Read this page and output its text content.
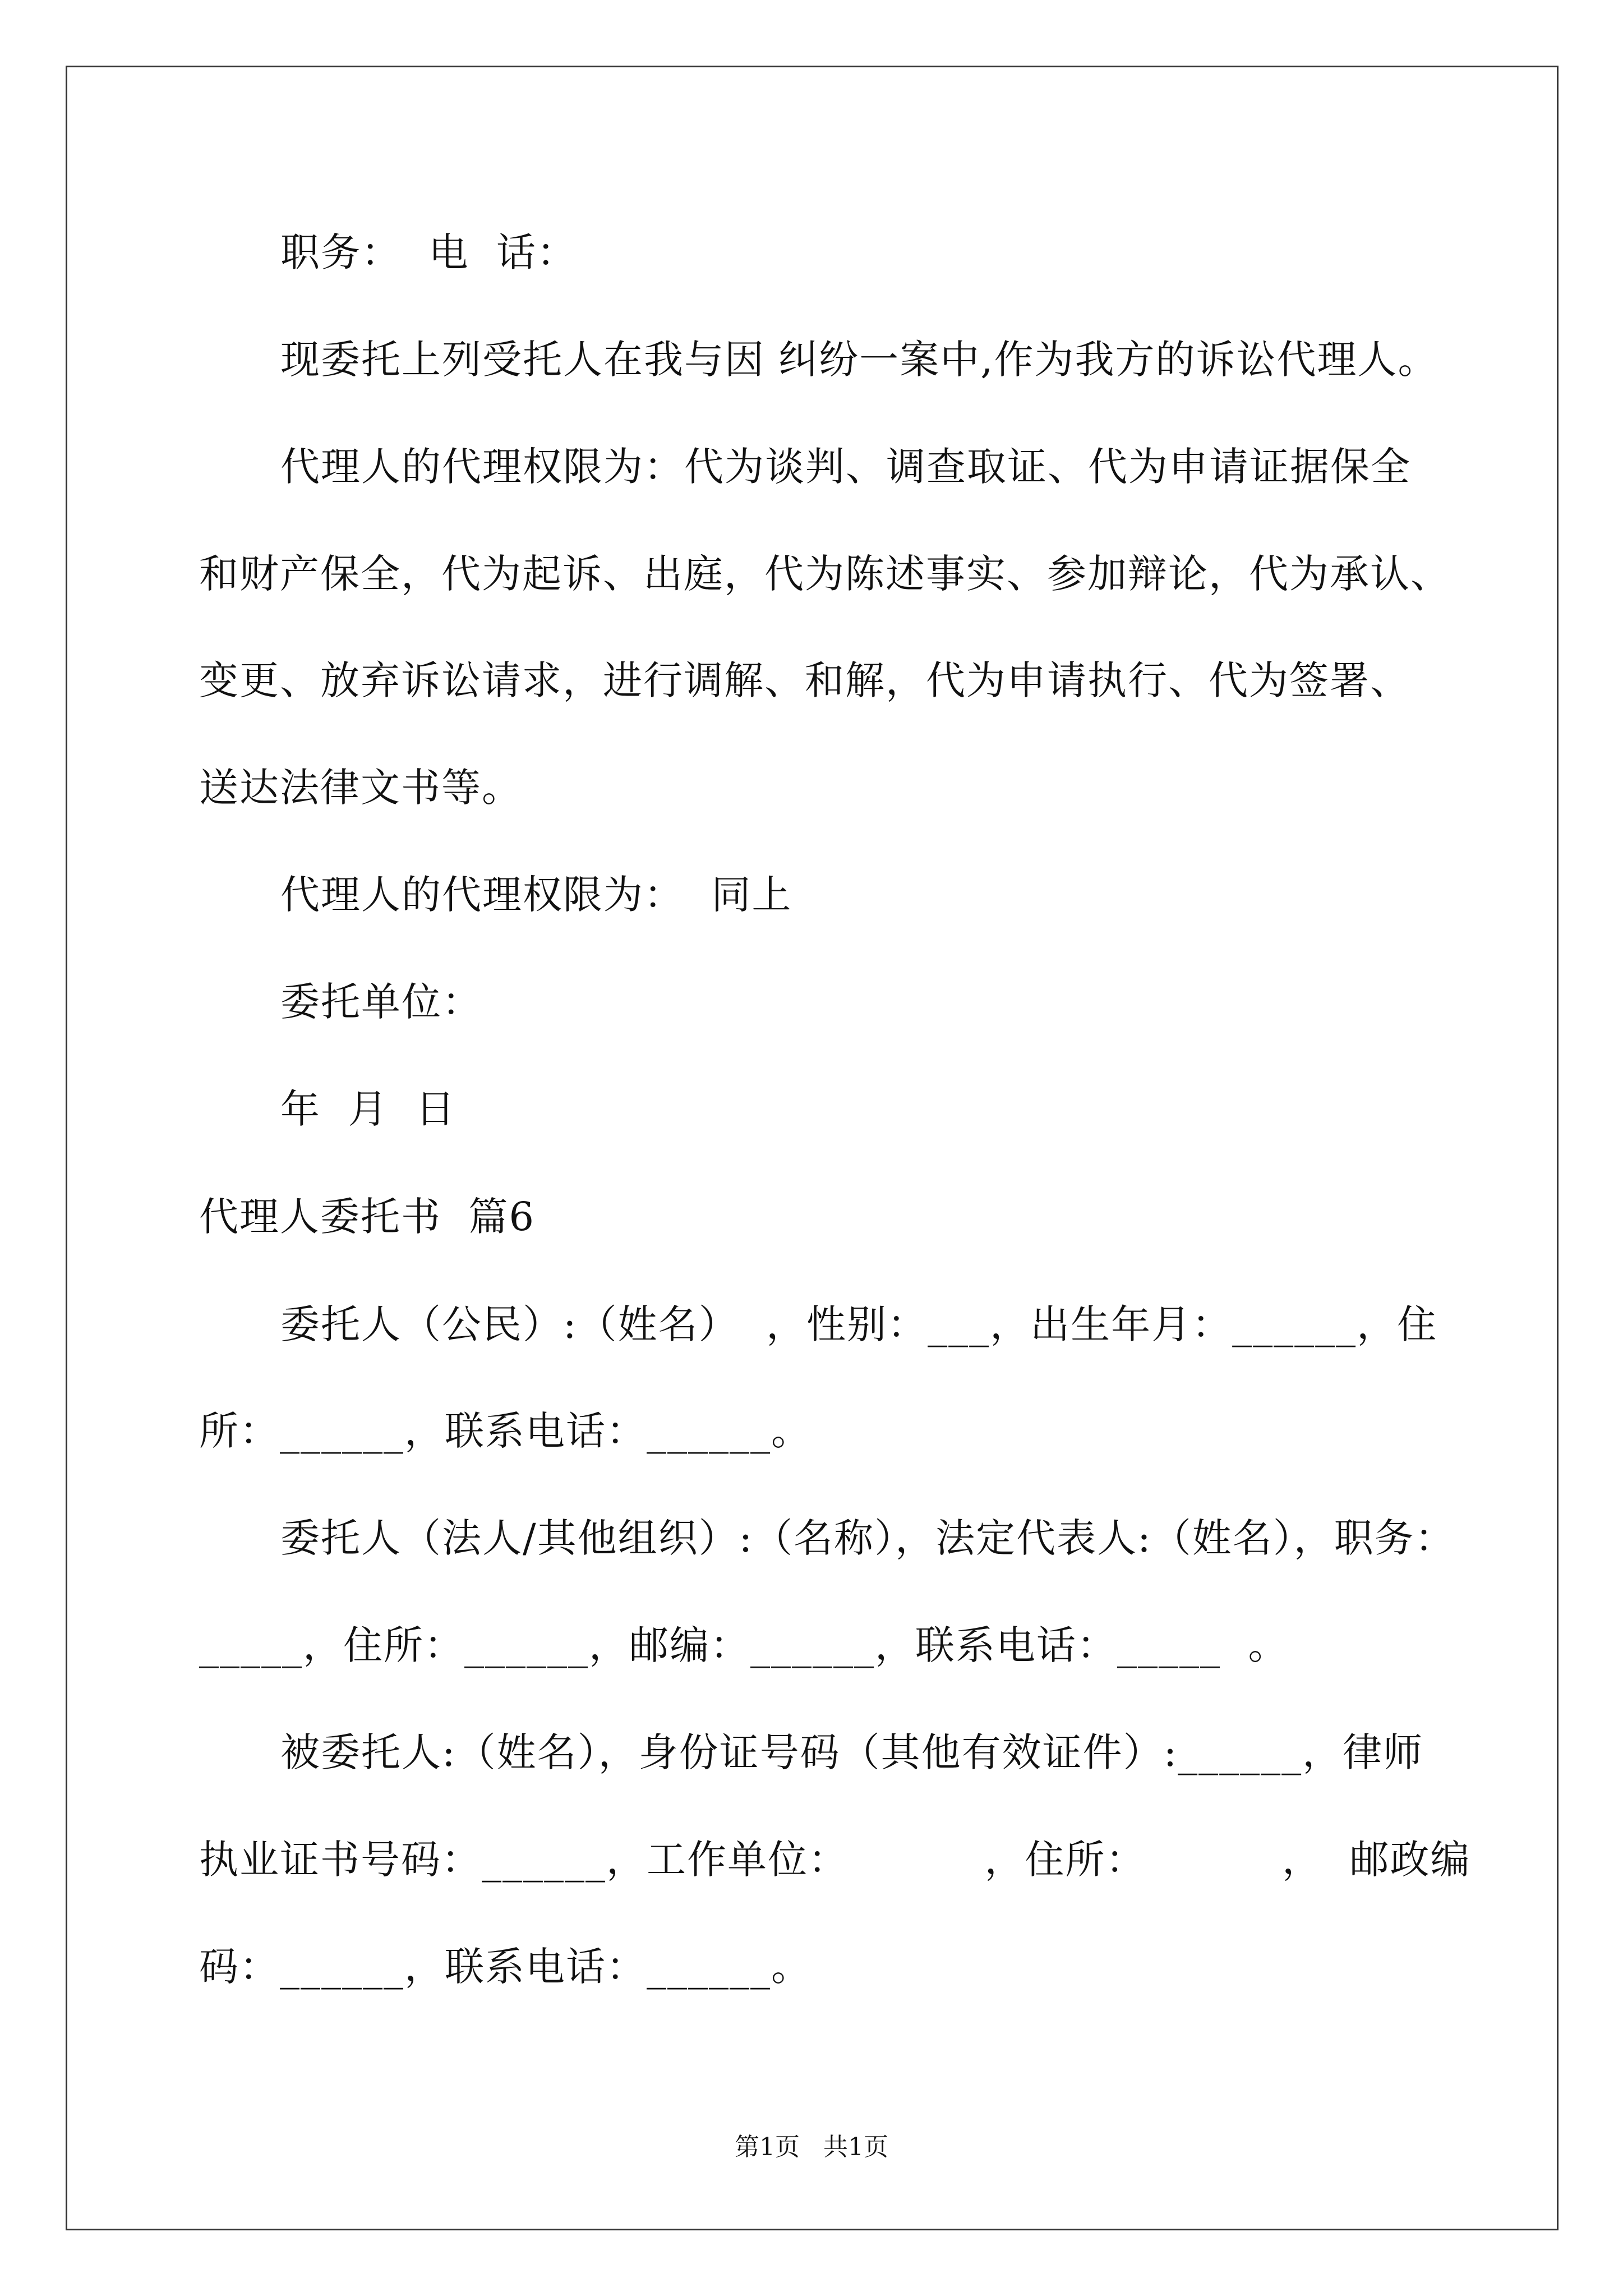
职务：  电  话：
现委托上列受托人在我与因 纠纷一案中,作为我方的诉讼代理人。
代理人的代理权限为：代为谈判、调查取证、代为申请证据保全
和财产保全，代为起诉、出庭，代为陈述事实、参加辩论，代为承认、
变更、放弃诉讼请求，进行调解、和解，代为申请执行、代为签署、
送达法律文书等。
代理人的代理权限为：  同上
委托单位：
年  月  日
代理人委托书  篇6
委托人（公民）:（姓名）  ，性别：___，出生年月：______，住
所：______，联系电话：______。
委托人（法人/其他组织）:（名称），法定代表人:（姓名），职务：
_____，住所：______，邮编：______，联系电话：_____  。
被委托人:（姓名），身份证号码（其他有效证件）:______，律师
执业证书号码：______，工作单位：          ，住所：          ，  邮政编
码：______，联系电话：______。
第1页   共1页
